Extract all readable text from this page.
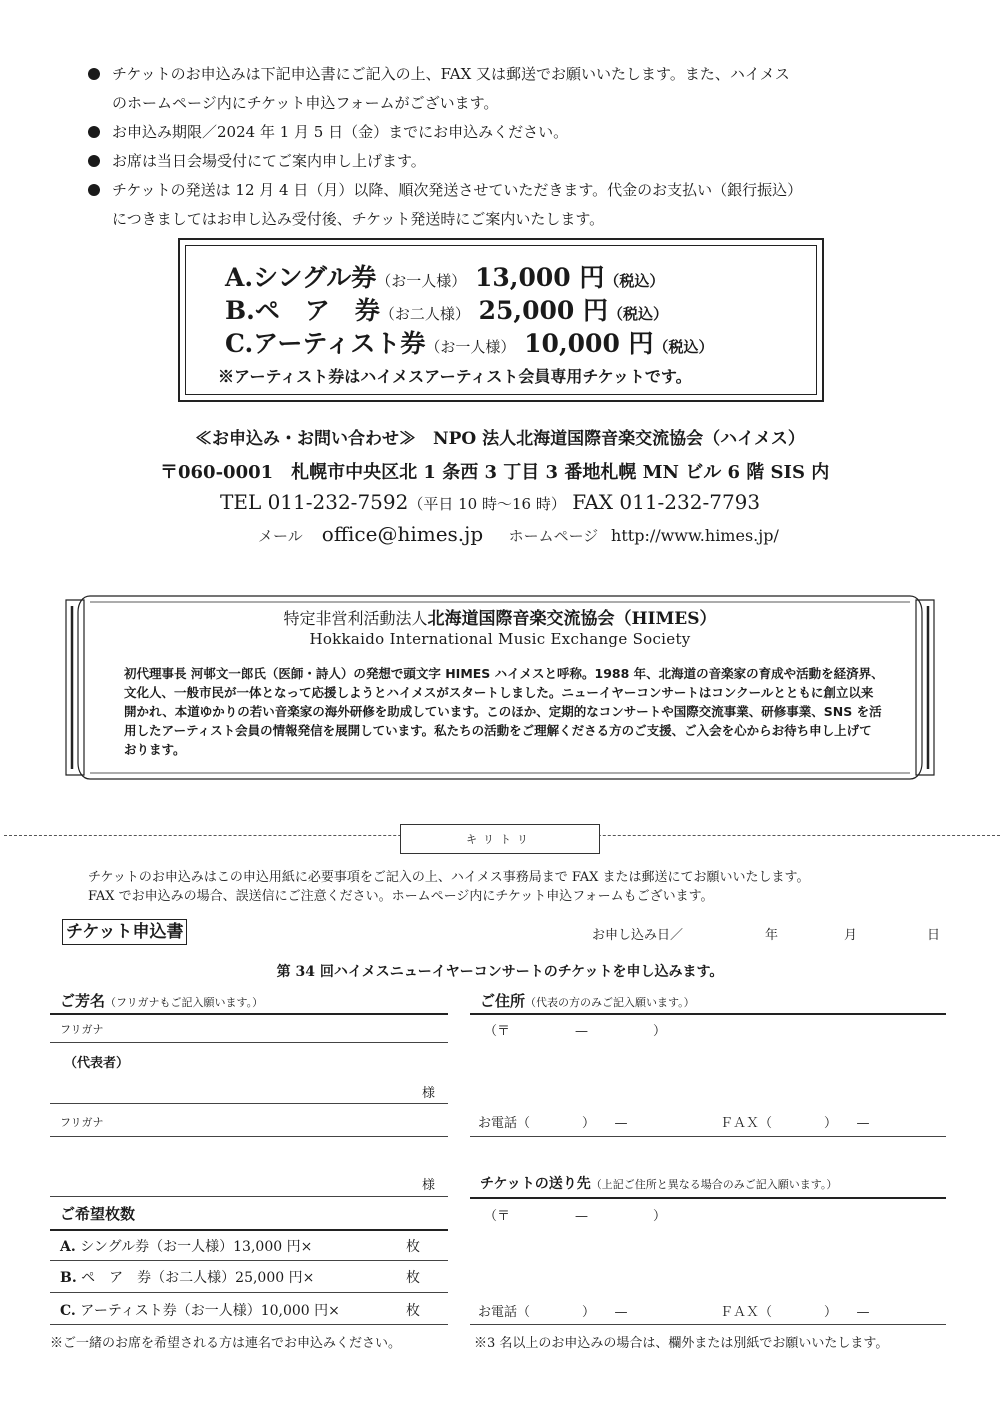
チケットのお申込みは下記申込書にご記入の上、FAX 又は郵送でお願いいたします。また、ハイメス
のホームページ内にチケット申込フォームがございます。
お申込み期限／2024 年 1 月 5 日（金）までにお申込みください。
お席は当日会場受付にてご案内申し上げます。
チケットの発送は 12 月 4 日（月）以降、順次発送させていただきます。代金のお支払い（銀行振込）
につきましてはお申し込み受付後、チケット発送時にご案内いたします。
A.シングル券（お一人様） 13,000 円（税込）
B.ペ　ア　券（お二人様） 25,000 円（税込）
C.アーティスト券（お一人様） 10,000 円（税込）
※アーティスト券はハイメスアーティスト会員専用チケットです。
≪お申込み・お問い合わせ≫　NPO 法人北海道国際音楽交流協会（ハイメス）
〒060-0001　札幌市中央区北 1 条西 3 丁目 3 番地札幌 MN ビル 6 階 SIS 内
TEL 011-232-7592（平日 10 時〜16 時） FAX 011-232-7793
メール office@himes.jp ホームページ http://www.himes.jp/
特定非営利活動法人北海道国際音楽交流協会（HIMES）
Hokkaido International Music Exchange Society
初代理事長 河邨文一郎氏（医師・詩人）の発想で頭文字 HIMES ハイメスと呼称。1988 年、北海道の音楽家の育成や活動を経済界、文化人、一般市民が一体となって応援しようとハイメスがスタートしました。ニューイヤーコンサートはコンクールとともに創立以来開かれ、本道ゆかりの若い音楽家の海外研修を助成しています。このほか、定期的なコンサートや国際交流事業、研修事業、SNS を活用したアーティスト会員の情報発信を展開しています。私たちの活動をご理解くださる方のご支援、ご入会を心からお待ち申し上げております。
キリトリ
チケットのお申込みはこの申込用紙に必要事項をご記入の上、ハイメス事務局まで FAX または郵送にてお願いいたします。
FAX でお申込みの場合、誤送信にご注意ください。ホームページ内にチケット申込フォームもございます。
チケット申込書	お申し込み日／	年	月	日
第 34 回ハイメスニューイヤーコンサートのチケットを申し込みます。
ご芳名（フリガナもご記入願います。）
フリガナ
（代表者）
様
フリガナ
様
ご希望枚数
A. シングル券（お一人様）13,000 円×	枚
B. ペ　ア　券（お二人様）25,000 円×	枚
C. アーティスト券（お一人様）10,000 円×	枚
※ご一緒のお席を希望される方は連名でお申込みください。
ご住所（代表の方のみご記入願います。）
（〒　　　　　—　　　　　）
お電話（　　　　）　　—	ＦＡＸ（　　　　）　　—
チケットの送り先（上記ご住所と異なる場合のみご記入願います。）
（〒　　　　　—　　　　　）
お電話（　　　　）　　—	ＦＡＸ（　　　　）　　—
※3 名以上のお申込みの場合は、欄外または別紙でお願いいたします。
